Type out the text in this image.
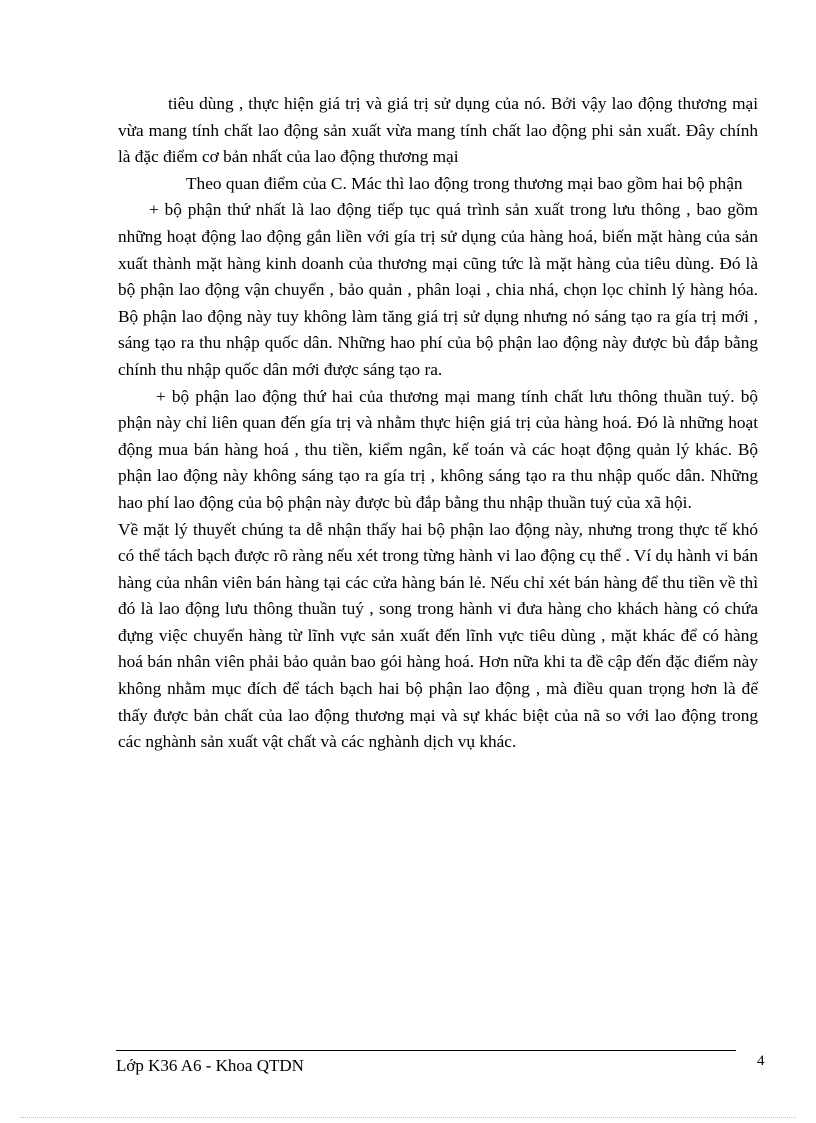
tiêu dùng , thực hiện giá trị và giá trị sử dụng của nó. Bởi vậy lao động thương mại vừa mang tính chất lao động sản xuất vừa mang tính chất lao động phi sản xuất. Đây chính là đặc điểm cơ bản nhất của lao động thương mại

Theo quan điểm của C. Mác thì lao động trong thương mại bao gồm hai bộ phận

+ bộ phận thứ nhất là lao động tiếp tục quá trình sản xuất trong lưu thông , bao gồm những hoạt động lao động gắn liền với gía trị sử dụng của hàng hoá, biến mặt hàng của sản xuất thành mặt hàng kinh doanh của thương mại cũng tức là mặt hàng của tiêu dùng. Đó là bộ phận lao động vận chuyển , bảo quản , phân loại , chia nhá, chọn lọc chỉnh lý hàng hóa. Bộ phận lao động này tuy không làm tăng giá trị sử dụng nhưng nó sáng tạo ra gía trị mới , sáng tạo ra thu nhập quốc dân. Những hao phí của bộ phận lao động này được bù đắp bằng chính thu nhập quốc dân mới được sáng tạo ra.

+ bộ phận lao động thứ hai của thương mại mang tính chất lưu thông thuần tuý. bộ phận này chỉ liên quan đến gía trị và nhằm thực hiện giá trị của hàng hoá. Đó là những hoạt động mua bán hàng hoá , thu tiền, kiểm ngân, kế toán và các hoạt động quản lý khác. Bộ phận lao động này không sáng tạo ra gía trị , không sáng tạo ra thu nhập quốc dân. Những hao phí lao động của bộ phận này được bù đắp bằng thu nhập thuần tuý của xã hội.

Về mặt lý thuyết chúng ta dễ nhận thấy hai bộ phận lao động này, nhưng trong thực tế khó có thể tách bạch được rõ ràng nếu xét trong từng hành vi lao động cụ thể . Ví dụ hành vi bán hàng của nhân viên bán hàng tại các cửa hàng bán lẻ. Nếu chỉ xét bán hàng để thu tiền về thì đó là lao động lưu thông thuần tuý , song trong hành vi đưa hàng cho khách hàng có chứa đựng việc chuyển hàng từ lĩnh vực sản xuất đến lĩnh vực tiêu dùng , mặt khác để có hàng hoá bán nhân viên phải bảo quản bao gói hàng hoá. Hơn nữa khi ta đề cập đến đặc điểm này không nhằm mục đích để tách bạch hai bộ phận lao động , mà điều quan trọng hơn là để thấy được bản chất của lao động thương mại và sự khác biệt của nã so với lao động trong các nghành sản xuất vật chất và các nghành dịch vụ khác.

Lớp K36 A6 - Khoa QTDN	4
